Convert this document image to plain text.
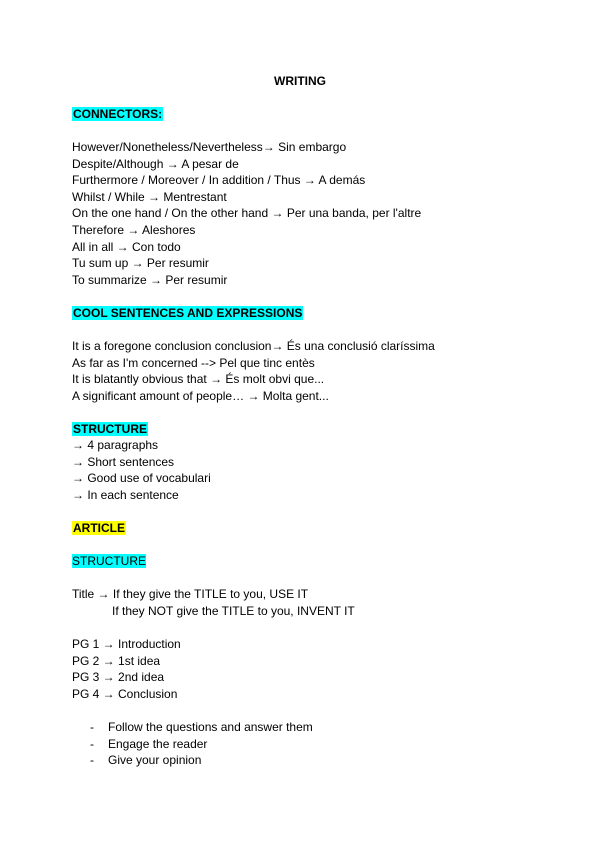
WRITING
CONNECTORS:
However/Nonetheless/Nevertheless→ Sin embargo
Despite/Although → A pesar de
Furthermore / Moreover / In addition / Thus → A demás
Whilst / While → Mentrestant
On the one hand / On the other hand → Per una banda, per l'altre
Therefore → Aleshores
All in all → Con todo
Tu sum up → Per resumir
To summarize → Per resumir
COOL SENTENCES AND EXPRESSIONS
It is a foregone conclusion conclusion→ És una conclusió claríssima
As far as I'm concerned --> Pel que tinc entès
It is blatantly obvious that → És molt obvi que...
A significant amount of people… → Molta gent...
STRUCTURE
→ 4 paragraphs
→ Short sentences
→ Good use of vocabulari
→ In each sentence
ARTICLE
STRUCTURE
Title → If they give the TITLE to you, USE IT
If they NOT give the TITLE to you, INVENT IT
PG 1 → Introduction
PG 2 → 1st idea
PG 3 → 2nd idea
PG 4 → Conclusion
- Follow the questions and answer them
- Engage the reader
- Give your opinion
